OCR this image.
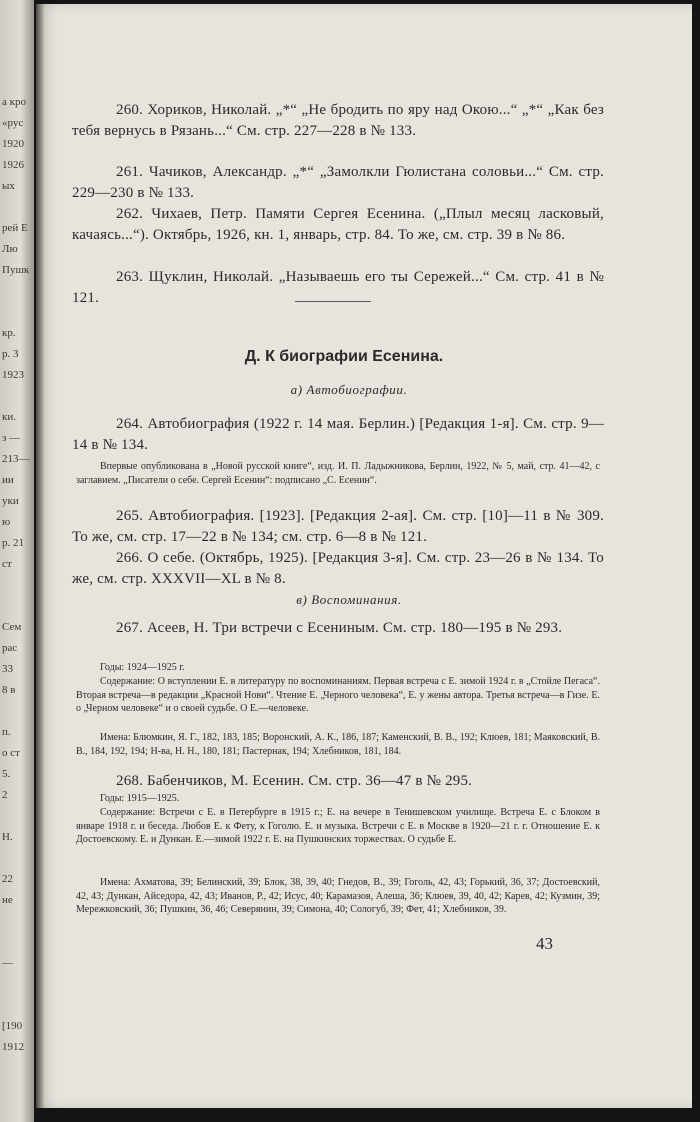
а кро
«рус
1920
1926
ых
рей Е
Лю
Пушк
кр.
р. 3
1923
ки.
з —
213—
ии
уки
ю
р. 21
ст
Сем
рас
33
8 в
п.
о ст
5.
2
Н.
22
не
—
[190
1912

260. Хориков, Николай. „*“ „Не бродить по яру над Окою...“ „*“ „Как без тебя вернусь в Рязань...“ См. стр. 227—228 в № 133.

261. Чачиков, Александр. „*“ „Замолкли Гюлистана соловьи...“ См. стр. 229—230 в № 133.

262. Чихаев, Петр. Памяти Сергея Есенина. („Плыл месяц ласковый, качаясь...“). Октябрь, 1926, кн. 1, январь, стр. 84. То же, см. стр. 39 в № 86.

263. Щуклин, Николай. „Называешь его ты Сережей...“ См. стр. 41 в № 121.

Д. К биографии Есенина.
а) Автобиографии.

264. Автобиография (1922 г. 14 мая. Берлин.) [Редакция 1-я]. См. стр. 9—14 в № 134.

Впервые опубликована в „Новой русской книге“, изд. И. П. Ладыжникова, Берлин, 1922, № 5, май, стр. 41—42, с заглавием. „Писатели о себе. Сергей Есенин“: подписано „С. Есенин“.

265. Автобиография. [1923]. [Редакция 2-ая]. См. стр. [10]—11 в № 309. То же, см. стр. 17—22 в № 134; см. стр. 6—8 в № 121.

266. О себе. (Октябрь, 1925). [Редакция 3-я]. См. стр. 23—26 в № 134. То же, см. стр. XXXVII—XL в № 8.

в) Воспоминания.

267. Асеев, Н. Три встречи с Есениным. См. стр. 180—195 в № 293.

Годы: 1924—1925 г.

Содержание: О вступлении Е. в литературу по воспоминаниям. Первая встреча с Е. зимой 1924 г. в „Стойле Пегаса“. Вторая встреча—в редакции „Красной Нови“. Чтение Е. „Черного человека“, Е. у жены автора. Третья встреча—в Гизе. Е. о „Черном человеке“ и о своей судьбе. О Е.—человеке.

Имена: Блюмкин, Я. Г., 182, 183, 185; Воронский, А. К., 186, 187; Каменский, В. В., 192; Клюев, 181; Маяковский, В. В., 184, 192, 194; Н-ва, Н. Н., 180, 181; Пастернак, 194; Хлебников, 181, 184.

268. Бабенчиков, М. Есенин. См. стр. 36—47 в № 295.

Годы: 1915—1925.

Содержание: Встречи с Е. в Петербурге в 1915 г.; Е. на вечере в Тенишевском училище. Встреча Е. с Блоком в январе 1918 г. и беседа. Любов Е. к Фету, к Гоголю. Е. и музыка. Встречи с Е. в Москве в 1920—21 г. г. Отношение Е. к Достоевскому. Е. и Дункан. Е.—зимой 1922 г. Е. на Пушкинских торжествах. О судьбе Е.

Имена: Ахматова, 39; Белинский, 39; Блок, 38, 39, 40; Гнедов, В., 39; Гоголь, 42, 43; Горький, 36, 37; Достоевский, 42, 43; Дункан, Айседора, 42, 43; Иванов, Р., 42; Исус, 40; Карамазов, Алеша, 36; Клюев, 39, 40, 42; Карев, 42; Кузмин, 39; Мережковский, 36; Пушкин, 36, 46; Северянин, 39; Симона, 40; Сологуб, 39; Фет, 41; Хлебников, 39.

43
